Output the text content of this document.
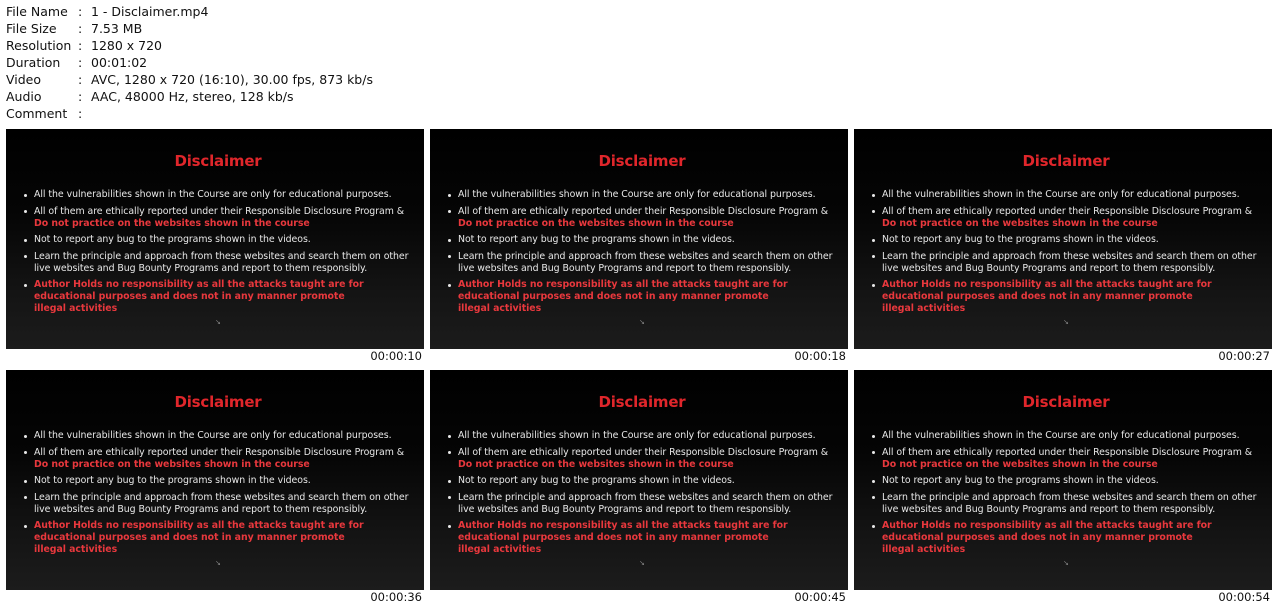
File Name : 1 - Disclaimer.mp4
File Size	: 7.53 MB
Resolution : 1280 x 720
Duration	: 00:01:02
Video	: AVC, 1280 x 720 (16:10), 30.00 fps, 873 kb/s
Audio	: AAC, 48000 Hz, stereo, 128 kb/s
Comment :
Disclaimer
All the vulnerabilities shown in the Course are only for educational purposes.
All of them are ethically reported under their Responsible Disclosure Program & Do not practice on the websites shown in the course
Not to report any bug to the programs shown in the videos.
Learn the principle and approach from these websites and search them on other live websites and Bug Bounty Programs and report to them responsibly.
Author Holds no responsibility as all the attacks taught are for educational purposes and does not in any manner promote illegal activities
↘
00:00:10
Disclaimer
All the vulnerabilities shown in the Course are only for educational purposes.
All of them are ethically reported under their Responsible Disclosure Program & Do not practice on the websites shown in the course
Not to report any bug to the programs shown in the videos.
Learn the principle and approach from these websites and search them on other live websites and Bug Bounty Programs and report to them responsibly.
Author Holds no responsibility as all the attacks taught are for educational purposes and does not in any manner promote illegal activities
↘
00:00:18
Disclaimer
All the vulnerabilities shown in the Course are only for educational purposes.
All of them are ethically reported under their Responsible Disclosure Program & Do not practice on the websites shown in the course
Not to report any bug to the programs shown in the videos.
Learn the principle and approach from these websites and search them on other live websites and Bug Bounty Programs and report to them responsibly.
Author Holds no responsibility as all the attacks taught are for educational purposes and does not in any manner promote illegal activities
↘
00:00:27
Disclaimer
All the vulnerabilities shown in the Course are only for educational purposes.
All of them are ethically reported under their Responsible Disclosure Program & Do not practice on the websites shown in the course
Not to report any bug to the programs shown in the videos.
Learn the principle and approach from these websites and search them on other live websites and Bug Bounty Programs and report to them responsibly.
Author Holds no responsibility as all the attacks taught are for educational purposes and does not in any manner promote illegal activities
↘
00:00:36
Disclaimer
All the vulnerabilities shown in the Course are only for educational purposes.
All of them are ethically reported under their Responsible Disclosure Program & Do not practice on the websites shown in the course
Not to report any bug to the programs shown in the videos.
Learn the principle and approach from these websites and search them on other live websites and Bug Bounty Programs and report to them responsibly.
Author Holds no responsibility as all the attacks taught are for educational purposes and does not in any manner promote illegal activities
↘
00:00:45
Disclaimer
All the vulnerabilities shown in the Course are only for educational purposes.
All of them are ethically reported under their Responsible Disclosure Program & Do not practice on the websites shown in the course
Not to report any bug to the programs shown in the videos.
Learn the principle and approach from these websites and search them on other live websites and Bug Bounty Programs and report to them responsibly.
Author Holds no responsibility as all the attacks taught are for educational purposes and does not in any manner promote illegal activities
↘
00:00:54
